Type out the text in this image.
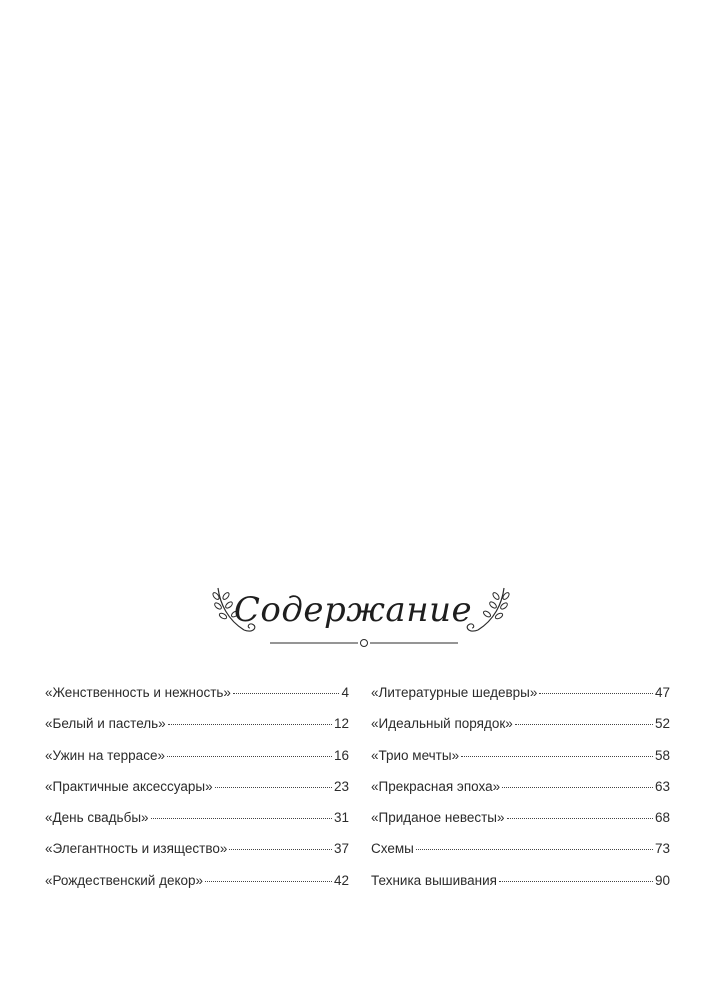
Содержание
«Женственность и нежность»	4
«Белый и пастель»	12
«Ужин на террасе»	16
«Практичные аксессуары»	23
«День свадьбы»	31
«Элегантность и изящество»	37
«Рождественский декор»	42
«Литературные шедевры»	47
«Идеальный порядок»	52
«Трио мечты»	58
«Прекрасная эпоха»	63
«Приданое невесты»	68
Схемы	73
Техника вышивания	90
